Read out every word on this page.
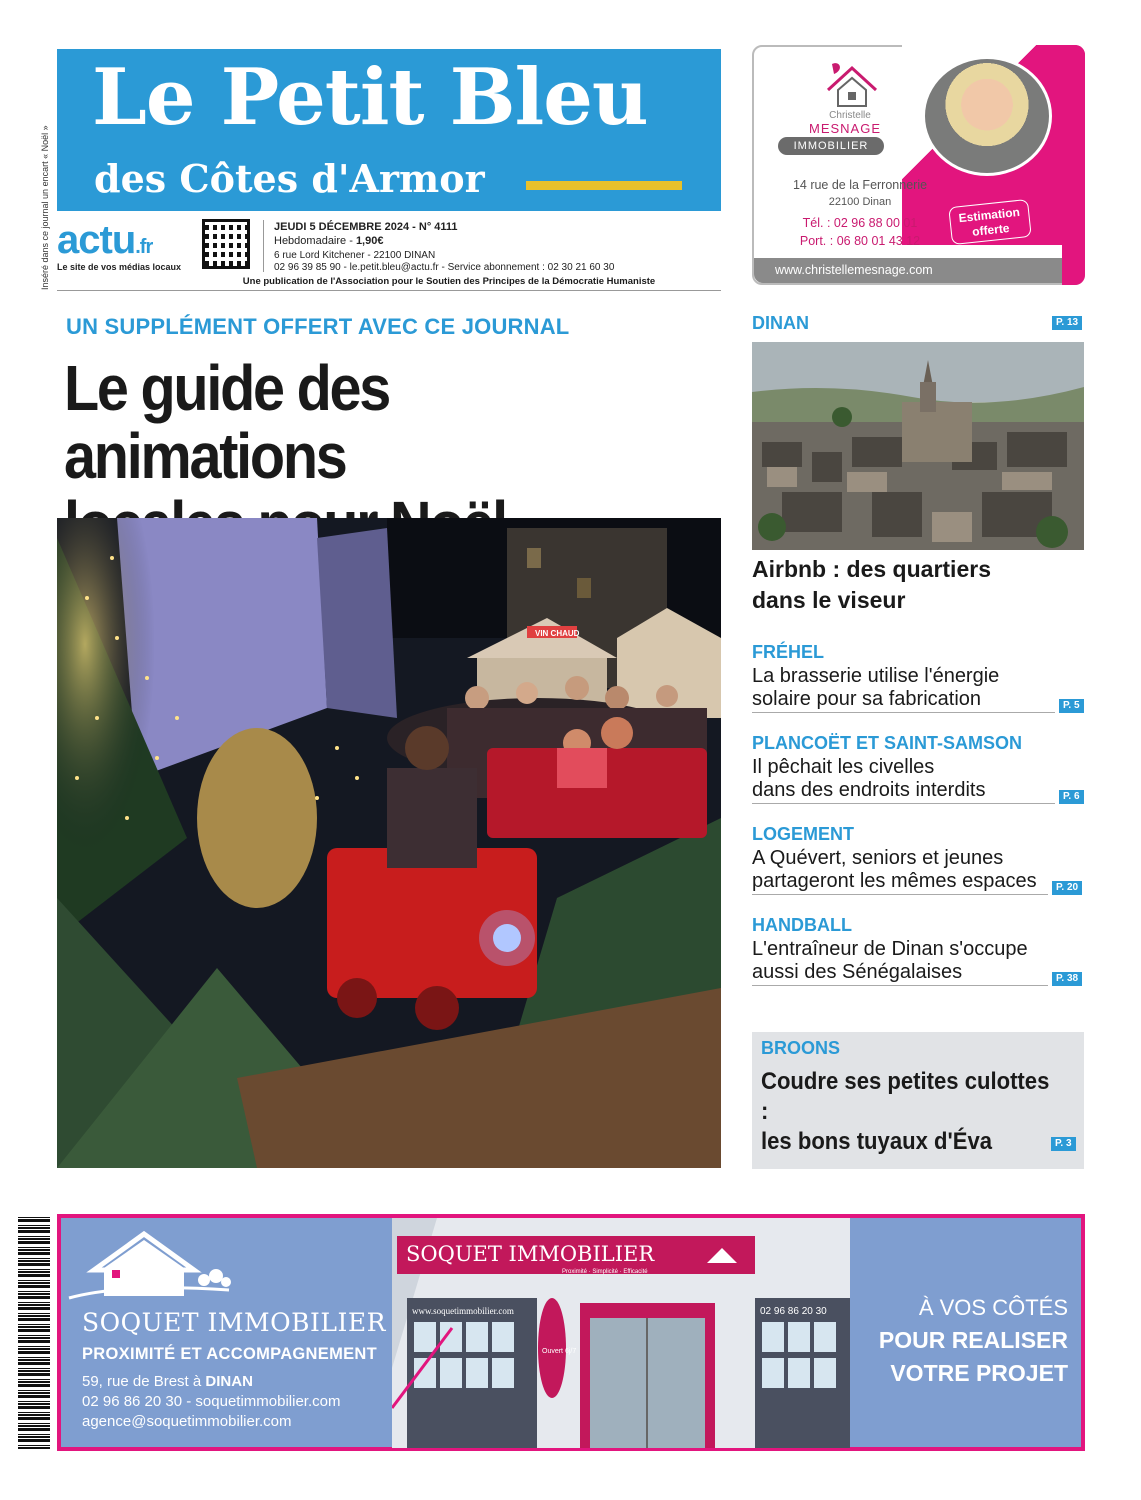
Inséré dans ce journal un encart « Noël »
Le Petit Bleu
des Côtes d'Armor
actu.fr
Le site de vos médias locaux
JEUDI 5 DÉCEMBRE 2024 - N° 4111
Hebdomadaire - 1,90€
6 rue Lord Kitchener - 22100 DINAN
02 96 39 85 90 - le.petit.bleu@actu.fr - Service abonnement : 02 30 21 60 30
Une publication de l'Association pour le Soutien des Principes de la Démocratie Humaniste
Christelle
MESNAGE
IMMOBILIER
14 rue de la Ferronnerie
22100 Dinan
Tél. : 02 96 88 00 01
Port. : 06 80 01 43 12
Estimation
offerte
www.christellemesnage.com
UN SUPPLÉMENT OFFERT AVEC CE JOURNAL
Le guide des animations
VIN CHAUD
DINAN	P. 13
Airbnb : des quartiers
dans le viseur
FRÉHEL
La brasserie utilise l'énergie
solaire pour sa fabrication	P. 5
PLANCOËT ET SAINT-SAMSON
Il pêchait les civelles
dans des endroits interdits	P. 6
LOGEMENT
A Quévert, seniors et jeunes
partageront les mêmes espaces	P. 20
HANDBALL
L'entraîneur de Dinan s'occupe
aussi des Sénégalaises	P. 38
BROONS
Coudre ses petites culottes :
les bons tuyaux d'Éva	P. 3
SOQUET IMMOBILIER
PROXIMITÉ ET ACCOMPAGNEMENT
59, rue de Brest à DINAN
02 96 86 20 30 - soquetimmobilier.com
agence@soquetimmobilier.com
SOQUET IMMOBILIER
Proximité · Simplicité · Efficacité
www.soquetimmobilier.com
Ouvert 6j/7
02 96 86 20 30	À VOS CÔTÉS
POUR REALISER
VOTRE PROJET
